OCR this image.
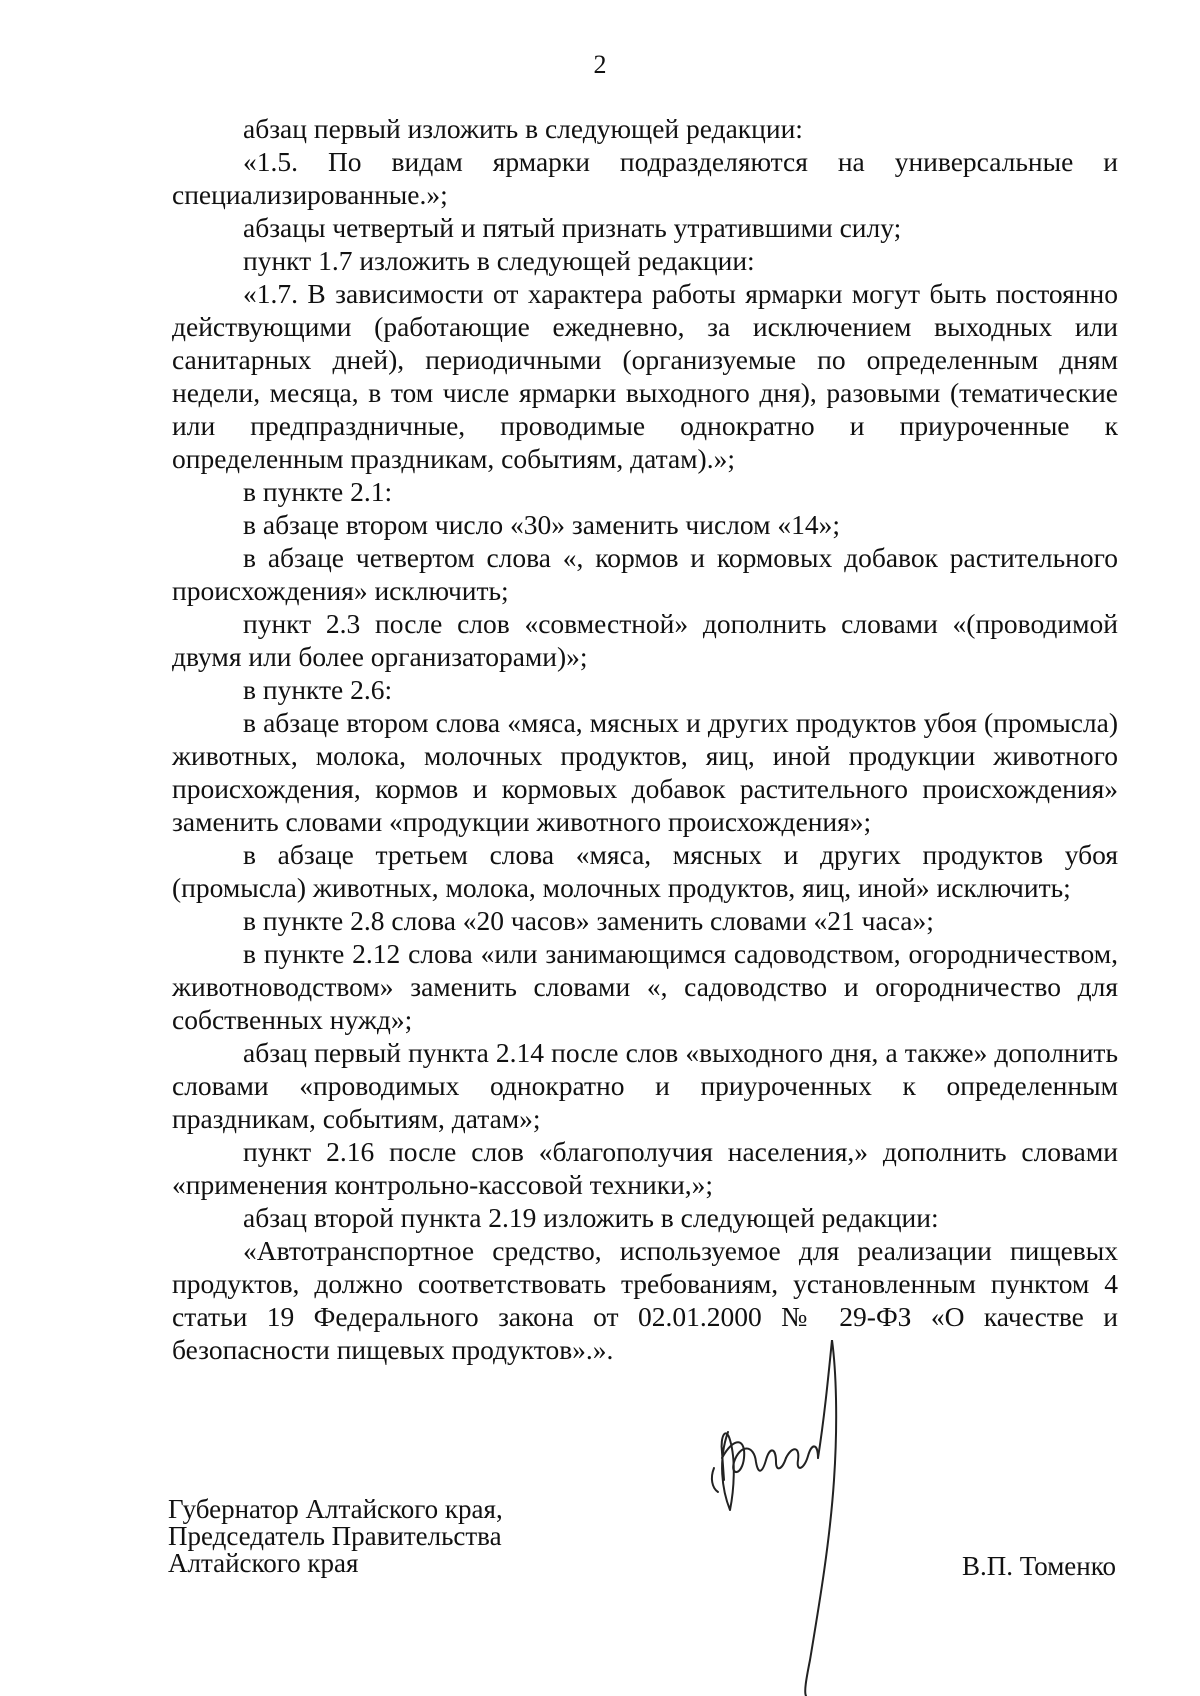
2

абзац первый изложить в следующей редакции:

«1.5. По видам ярмарки подразделяются на универсальные и специализированные.»;

абзацы четвертый и пятый признать утратившими силу;

пункт 1.7 изложить в следующей редакции:

«1.7. В зависимости от характера работы ярмарки могут быть постоянно действующими (работающие ежедневно, за исключением выходных или санитарных дней), периодичными (организуемые по определенным дням недели, месяца, в том числе ярмарки выходного дня), разовыми (тематические или предпраздничные, проводимые однократно и приуроченные к определенным праздникам, событиям, датам).»;

в пункте 2.1:

в абзаце втором число «30» заменить числом «14»;

в абзаце четвертом слова «, кормов и кормовых добавок растительного происхождения» исключить;

пункт 2.3 после слов «совместной» дополнить словами «(проводимой двумя или более организаторами)»;

в пункте 2.6:

в абзаце втором слова «мяса, мясных и других продуктов убоя (промысла) животных, молока, молочных продуктов, яиц, иной продукции животного происхождения, кормов и кормовых добавок растительного происхождения» заменить словами «продукции животного происхождения»;

в абзаце третьем слова «мяса, мясных и других продуктов убоя (промысла) животных, молока, молочных продуктов, яиц, иной» исключить;

в пункте 2.8 слова «20 часов» заменить словами «21 часа»;

в пункте 2.12 слова «или занимающимся садоводством, огородничеством, животноводством» заменить словами «, садоводство и огородничество для собственных нужд»;

абзац первый пункта 2.14 после слов «выходного дня, а также» дополнить словами «проводимых однократно и приуроченных к определенным праздникам, событиям, датам»;

пункт 2.16 после слов «благополучия населения,» дополнить словами «применения контрольно-кассовой техники,»;

абзац второй пункта 2.19 изложить в следующей редакции:

«Автотранспортное средство, используемое для реализации пищевых продуктов, должно соответствовать требованиям, установленным пунктом 4 статьи 19 Федерального закона от 02.01.2000 № 29-ФЗ «О качестве и безопасности пищевых продуктов».».

Губернатор Алтайского края,
Председатель Правительства
Алтайского края	В.П. Томенко
